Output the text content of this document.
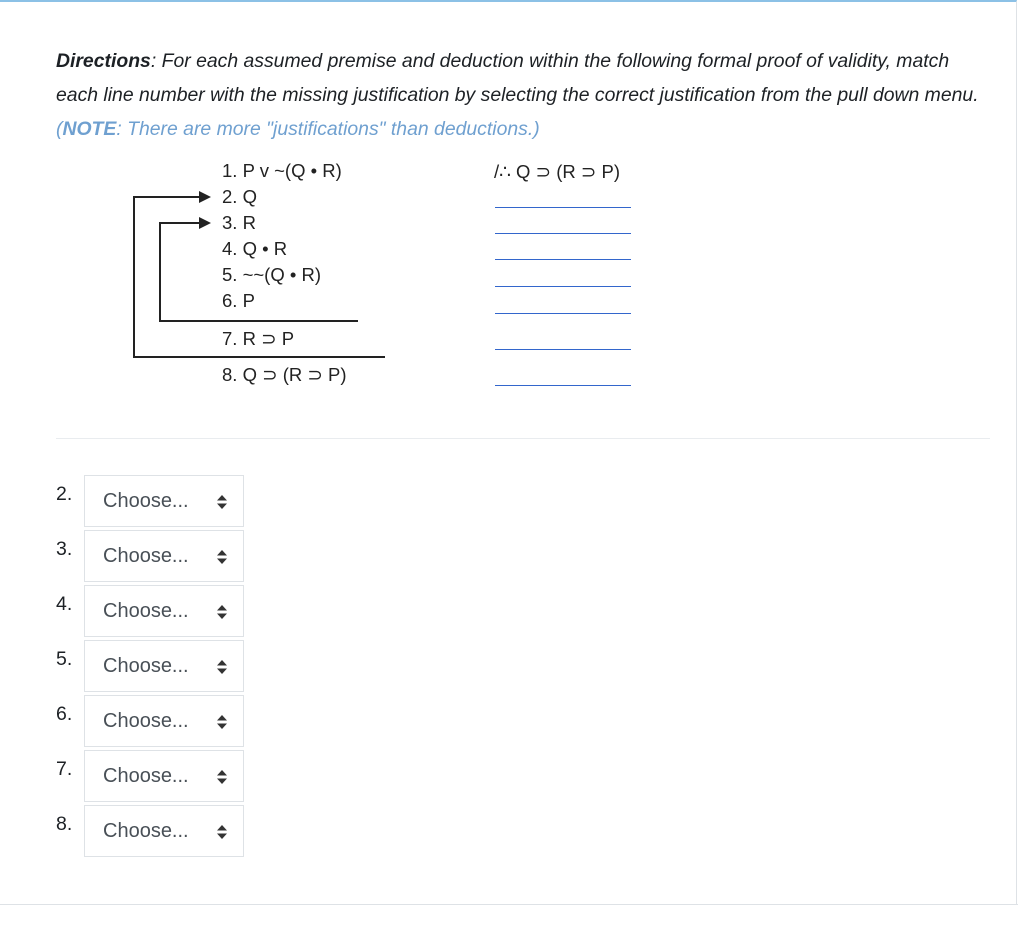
Directions: For each assumed premise and deduction within the following formal proof of validity, match each line number with the missing justification by selecting the correct justification from the pull down menu. (NOTE: There are more "justifications" than deductions.)
1. P v ~(Q • R)
2. Q
3. R
4. Q • R
5. ~~(Q • R)
6. P
7. R ⊃ P
8. Q ⊃ (R ⊃ P)
/∴ Q ⊃ (R ⊃ P)
2. Choose...
3. Choose...
4. Choose...
5. Choose...
6. Choose...
7. Choose...
8. Choose...
